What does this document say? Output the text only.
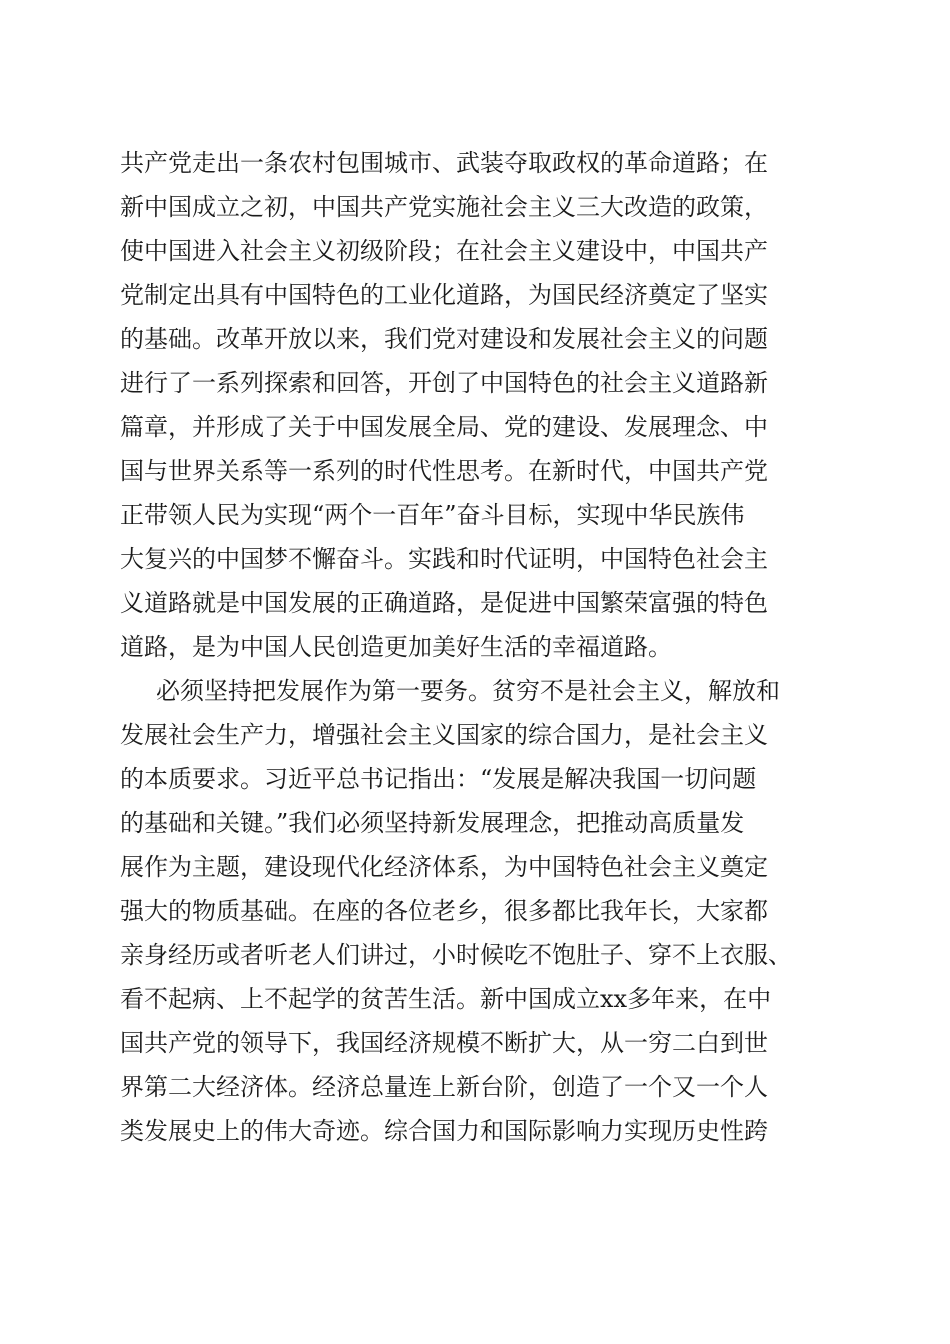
共产党走出一条农村包围城市、武装夺取政权的革命道路；在
新中国成立之初，中国共产党实施社会主义三大改造的政策，
使中国进入社会主义初级阶段；在社会主义建设中，中国共产
党制定出具有中国特色的工业化道路，为国民经济奠定了坚实
的基础。改革开放以来，我们党对建设和发展社会主义的问题
进行了一系列探索和回答，开创了中国特色的社会主义道路新
篇章，并形成了关于中国发展全局、党的建设、发展理念、中
国与世界关系等一系列的时代性思考。在新时代，中国共产党
正带领人民为实现“两个一百年”奋斗目标，实现中华民族伟
大复兴的中国梦不懈奋斗。实践和时代证明，中国特色社会主
义道路就是中国发展的正确道路，是促进中国繁荣富强的特色
道路，是为中国人民创造更加美好生活的幸福道路。
必须坚持把发展作为第一要务。贫穷不是社会主义，解放和
发展社会生产力，增强社会主义国家的综合国力，是社会主义
的本质要求。习近平总书记指出：“发展是解决我国一切问题
的基础和关键。”我们必须坚持新发展理念，把推动高质量发
展作为主题，建设现代化经济体系，为中国特色社会主义奠定
强大的物质基础。在座的各位老乡，很多都比我年长，大家都
亲身经历或者听老人们讲过，小时候吃不饱肚子、穿不上衣服、
看不起病、上不起学的贫苦生活。新中国成立xx多年来，在中
国共产党的领导下，我国经济规模不断扩大，从一穷二白到世
界第二大经济体。经济总量连上新台阶，创造了一个又一个人
类发展史上的伟大奇迹。综合国力和国际影响力实现历史性跨
